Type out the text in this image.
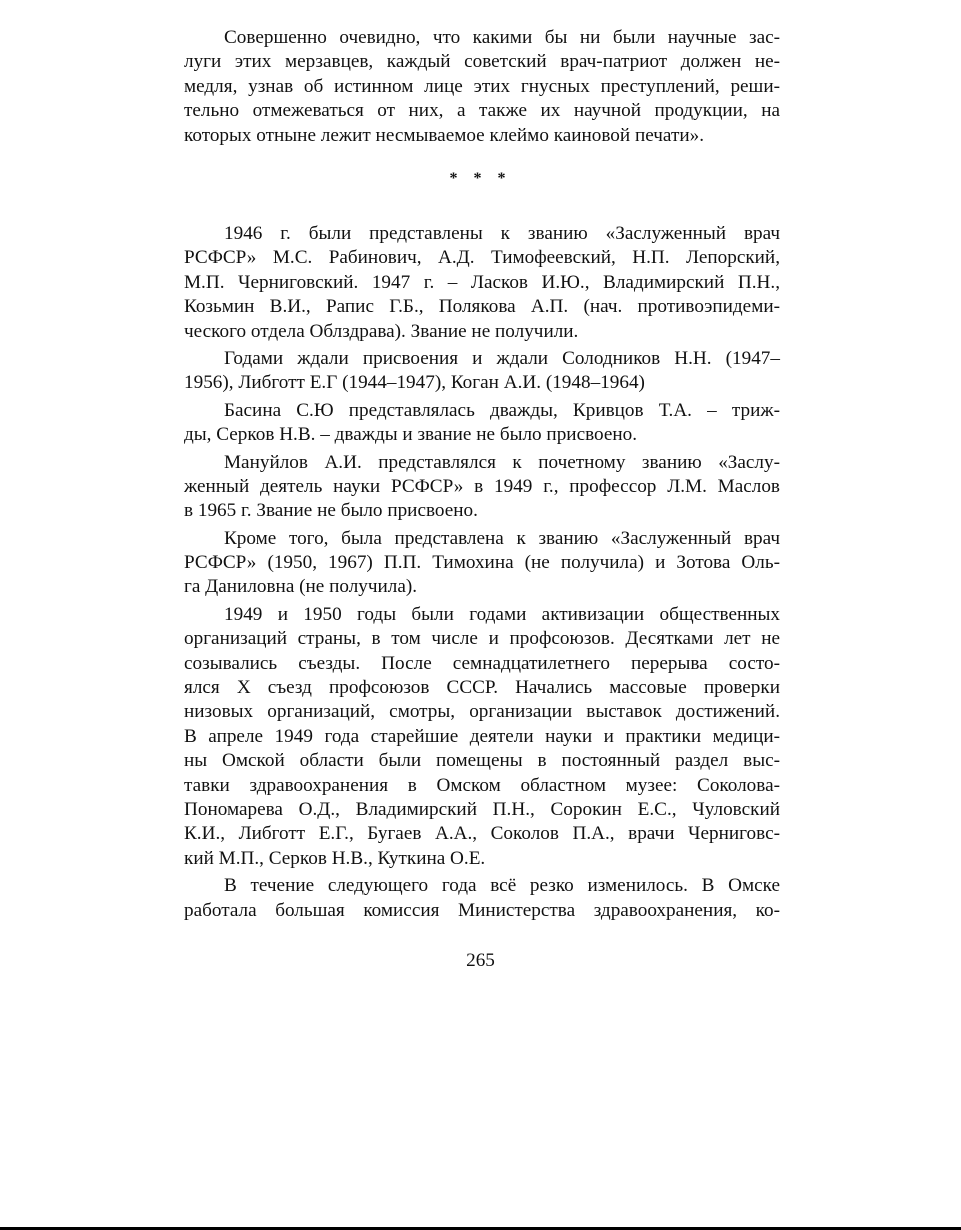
Совершенно очевидно, что какими бы ни были научные зас-
луги этих мерзавцев, каждый советский врач-патриот должен не-
медля, узнав об истинном лице этих гнусных преступлений, реши-
тельно отмежеваться от них, а также их научной продукции, на
которых отныне лежит несмываемое клеймо каиновой печати».
* * *
1946 г. были представлены к званию «Заслуженный врач
РСФСР» М.С. Рабинович, А.Д. Тимофеевский, Н.П. Лепорский,
М.П. Черниговский. 1947 г. – Ласков И.Ю., Владимирский П.Н.,
Козьмин В.И., Рапис Г.Б., Полякова А.П. (нач. противоэпидеми-
ческого отдела Облздрава). Звание не получили.
Годами ждали присвоения и ждали Солодников Н.Н. (1947–
1956), Либготт Е.Г (1944–1947), Коган А.И. (1948–1964)
Басина С.Ю представлялась дважды, Кривцов Т.А. – триж-
ды, Серков Н.В. – дважды и звание не было присвоено.
Мануйлов А.И. представлялся к почетному званию «Заслу-
женный деятель науки РСФСР» в 1949 г., профессор Л.М. Маслов
в 1965 г. Звание не было присвоено.
Кроме того, была представлена к званию «Заслуженный врач
РСФСР» (1950, 1967) П.П. Тимохина (не получила) и Зотова Оль-
га Даниловна (не получила).
1949 и 1950 годы были годами активизации общественных
организаций страны, в том числе и профсоюзов. Десятками лет не
созывались съезды. После семнадцатилетнего перерыва состо-
ялся Х съезд профсоюзов СССР. Начались массовые проверки
низовых организаций, смотры, организации выставок достижений.
В апреле 1949 года старейшие деятели науки и практики медици-
ны Омской области были помещены в постоянный раздел выс-
тавки здравоохранения в Омском областном музее: Соколова-
Пономарева О.Д., Владимирский П.Н., Сорокин Е.С., Чуловский
К.И., Либготт Е.Г., Бугаев А.А., Соколов П.А., врачи Черниговс-
кий М.П., Серков Н.В., Куткина О.Е.
В течение следующего года всё резко изменилось. В Омске
работала большая комиссия Министерства здравоохранения, ко-
265
